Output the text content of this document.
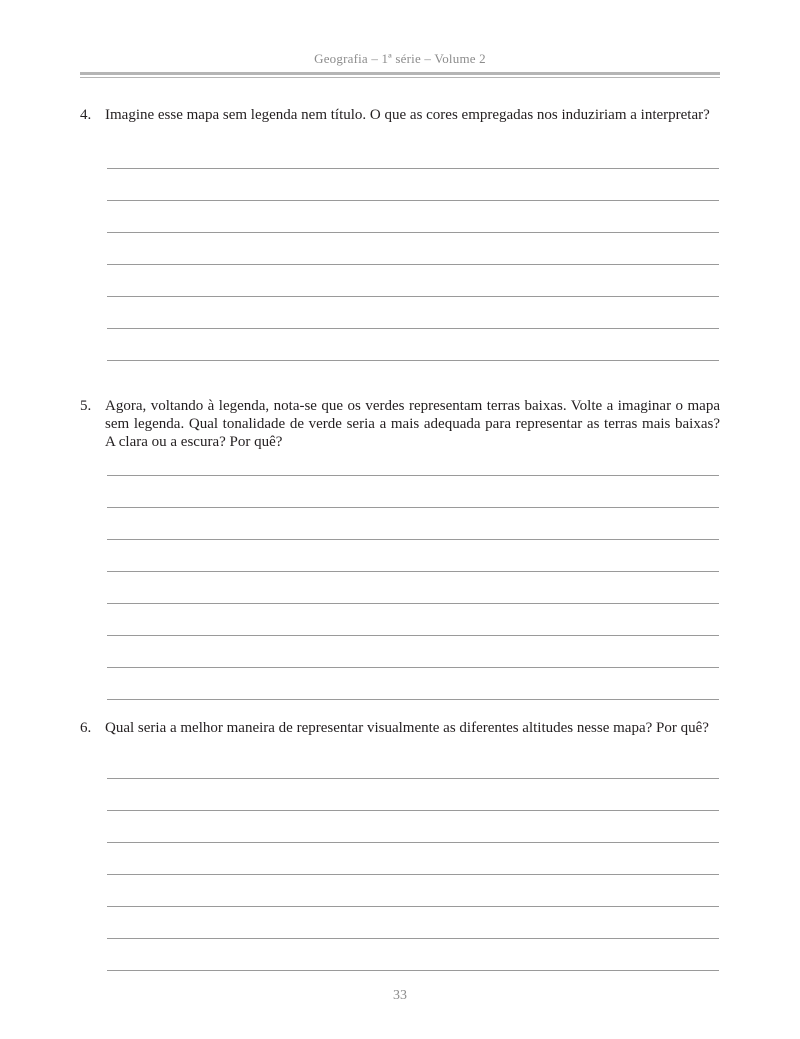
Geografia – 1ª série – Volume 2

4. Imagine esse mapa sem legenda nem título. O que as cores empregadas nos induziriam a interpretar?

5. Agora, voltando à legenda, nota-se que os verdes representam terras baixas. Volte a imaginar o mapa sem legenda. Qual tonalidade de verde seria a mais adequada para representar as terras mais baixas? A clara ou a escura? Por quê?

6. Qual seria a melhor maneira de representar visualmente as diferentes altitudes nesse mapa? Por quê?

33
